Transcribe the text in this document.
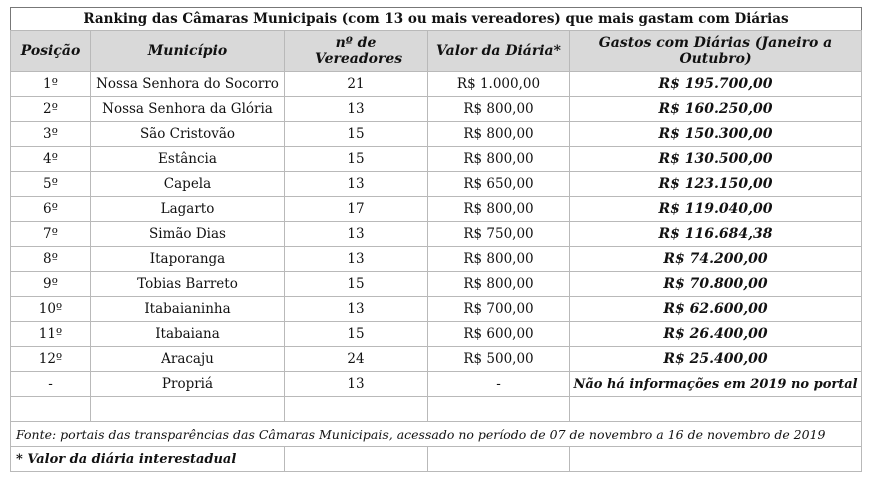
Ranking das Câmaras Municipais (com 13 ou mais vereadores) que mais gastam com Diárias				
Posição	Município	nº de Vereadores	Valor da Diária*	Gastos com Diárias (Janeiro a Outubro)
1º	Nossa Senhora do Socorro	21	R$ 1.000,00	R$ 195.700,00
2º	Nossa Senhora da Glória	13	R$ 800,00	R$ 160.250,00
3º	São Cristovão	15	R$ 800,00	R$ 150.300,00
4º	Estância	15	R$ 800,00	R$ 130.500,00
5º	Capela	13	R$ 650,00	R$ 123.150,00
6º	Lagarto	17	R$ 800,00	R$ 119.040,00
7º	Simão Dias	13	R$ 750,00	R$ 116.684,38
8º	Itaporanga	13	R$ 800,00	R$ 74.200,00
9º	Tobias Barreto	15	R$ 800,00	R$ 70.800,00
10º	Itabaianinha	13	R$ 700,00	R$ 62.600,00
11º	Itabaiana	15	R$ 600,00	R$ 26.400,00
12º	Aracaju	24	R$ 500,00	R$ 25.400,00
-	Propriá	13	-	Não há informações em 2019 no portal

Fonte: portais das transparências das Câmaras Municipais, acessado no período de 07 de novembro a 16 de novembro de 2019				
* Valor da diária interestadual				
